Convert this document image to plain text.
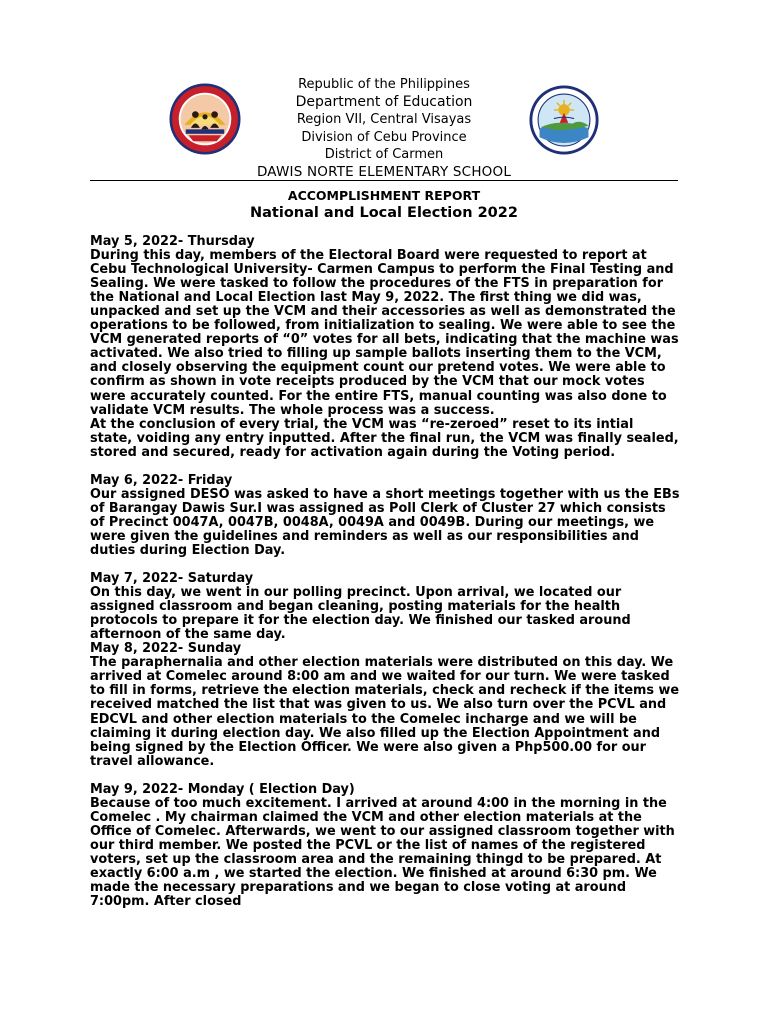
Republic of the Philippines
Department of Education
Region VII, Central Visayas
Division of Cebu Province
District of Carmen
DAWIS NORTE ELEMENTARY SCHOOL
ACCOMPLISHMENT REPORT
National and Local Election 2022
May 5, 2022- Thursday

During this day, members of the Electoral Board were requested to report at Cebu Technological University- Carmen Campus to perform the Final Testing and Sealing. We were tasked to follow the procedures of the FTS in preparation for the National and Local Election last May 9, 2022. The first thing we did was, unpacked and set up the VCM and their accessories as well as demonstrated the operations to be followed, from initialization to sealing. We were able to see the VCM generated reports of “0” votes for all bets, indicating that the machine was activated. We also tried to filling up sample ballots inserting them to the VCM, and closely observing the equipment count our pretend votes. We were able to confirm as shown in vote receipts produced by the VCM that our mock votes were accurately counted. For the entire FTS, manual counting was also done to validate VCM results. The whole process was a success.

At the conclusion of every trial, the VCM was “re-zeroed” reset to its intial state, voiding any entry inputted. After the final run, the VCM was finally sealed, stored and secured, ready for activation again during the Voting period.

May 6, 2022- Friday

Our assigned DESO was asked to have a short meetings together with us the EBs of Barangay Dawis Sur.I was assigned as Poll Clerk of Cluster 27 which consists of Precinct 0047A, 0047B, 0048A, 0049A and 0049B. During our meetings, we were given the guidelines and reminders as well as our responsibilities and duties during Election Day.

May 7, 2022- Saturday

On this day, we went in our polling precinct. Upon arrival, we located our assigned classroom and began cleaning, posting materials for the health protocols to prepare it for the election day. We finished our tasked around afternoon of the same day.

May 8, 2022- Sunday

The paraphernalia and other election materials were distributed on this day. We arrived at Comelec around 8:00 am and we waited for our turn. We were tasked to fill in forms, retrieve the election materials, check and recheck if the items we received matched the list that was given to us. We also turn over the PCVL and EDCVL and other election materials to the Comelec incharge and we will be claiming it during election day. We also filled up the Election Appointment and being signed by the Election Officer. We were also given a Php500.00 for our travel allowance.

May 9, 2022- Monday ( Election Day)

Because of too much excitement. I arrived at around 4:00 in the morning in the Comelec . My chairman claimed the VCM and other election materials at the Office of Comelec. Afterwards, we went to our assigned classroom together with our third member. We posted the PCVL or the list of names of the registered voters, set up the classroom area and the remaining thingd to be prepared. At exactly 6:00 a.m , we started the election. We finished at around 6:30 pm. We made the necessary preparations and we began to close voting at around 7:00pm. After closed
